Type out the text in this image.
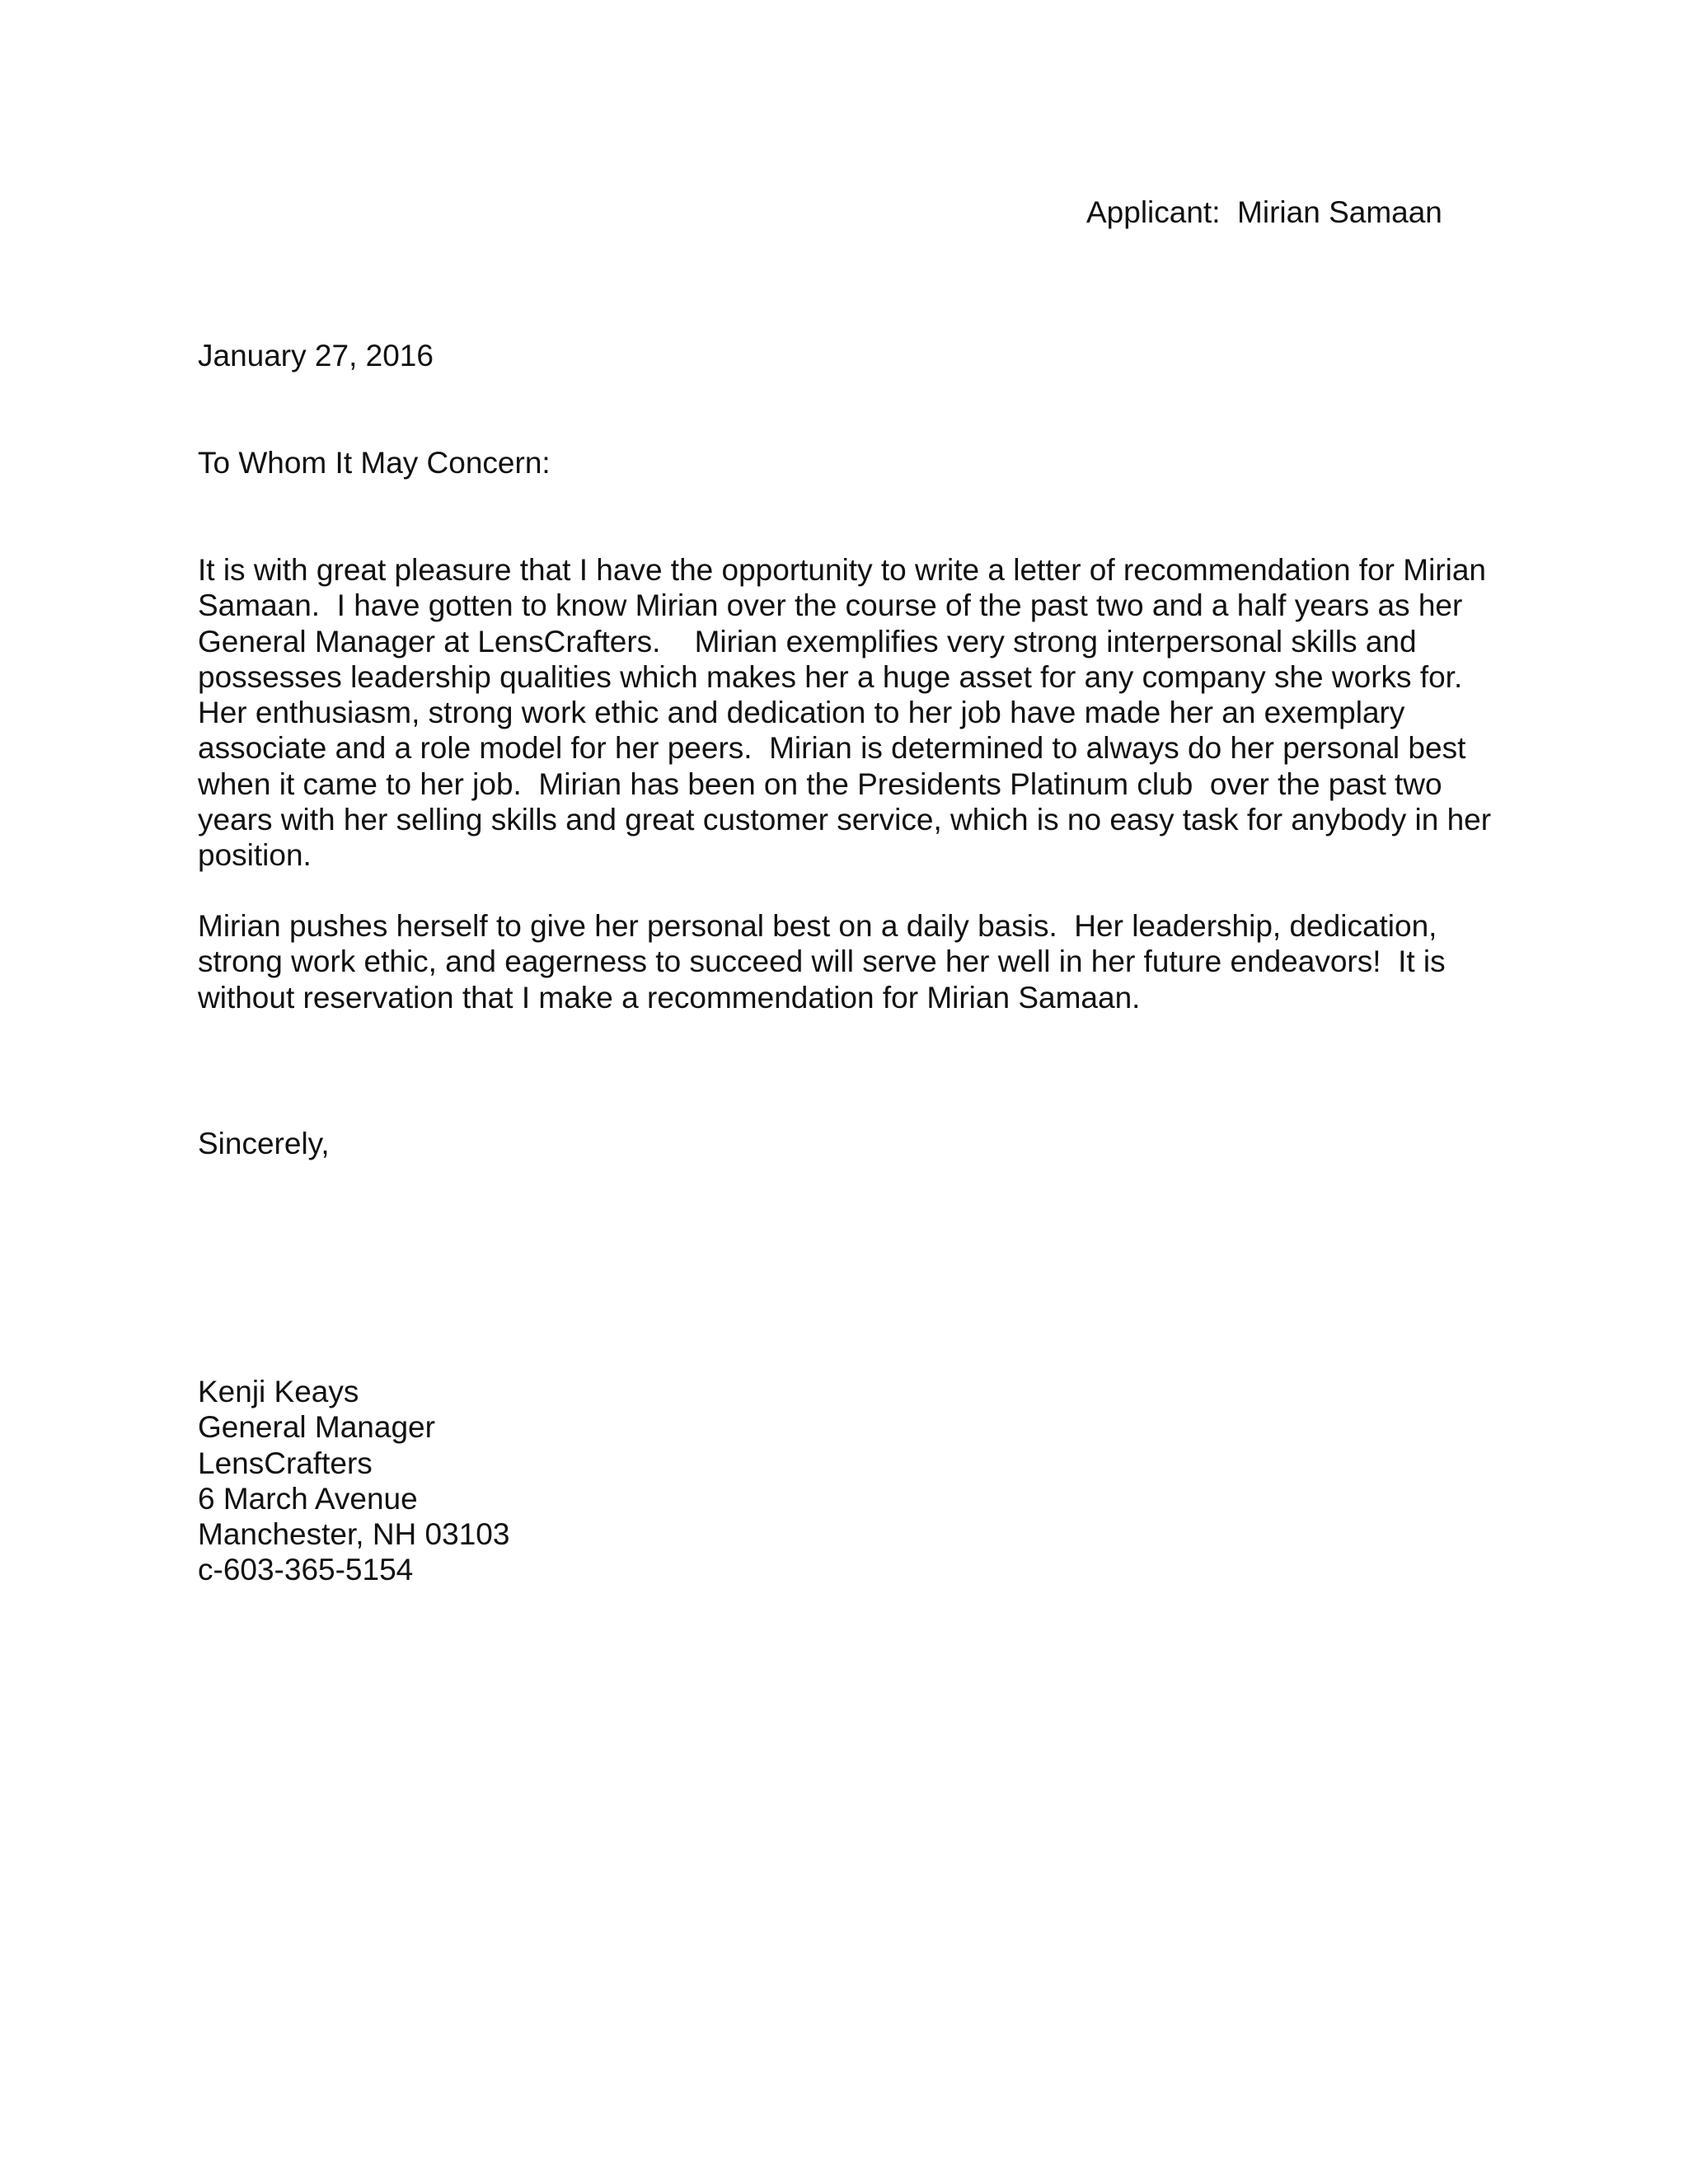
Applicant:  Mirian Samaan
January 27, 2016
To Whom It May Concern:
It is with great pleasure that I have the opportunity to write a letter of recommendation for Mirian
Samaan.  I have gotten to know Mirian over the course of the past two and a half years as her
General Manager at LensCrafters.    Mirian exemplifies very strong interpersonal skills and
possesses leadership qualities which makes her a huge asset for any company she works for.
Her enthusiasm, strong work ethic and dedication to her job have made her an exemplary
associate and a role model for her peers.  Mirian is determined to always do her personal best
when it came to her job.  Mirian has been on the Presidents Platinum club  over the past two
years with her selling skills and great customer service, which is no easy task for anybody in her
position.
Mirian pushes herself to give her personal best on a daily basis.  Her leadership, dedication,
strong work ethic, and eagerness to succeed will serve her well in her future endeavors!  It is
without reservation that I make a recommendation for Mirian Samaan.
Sincerely,
Kenji Keays
General Manager
LensCrafters
6 March Avenue
Manchester, NH 03103
c-603-365-5154
